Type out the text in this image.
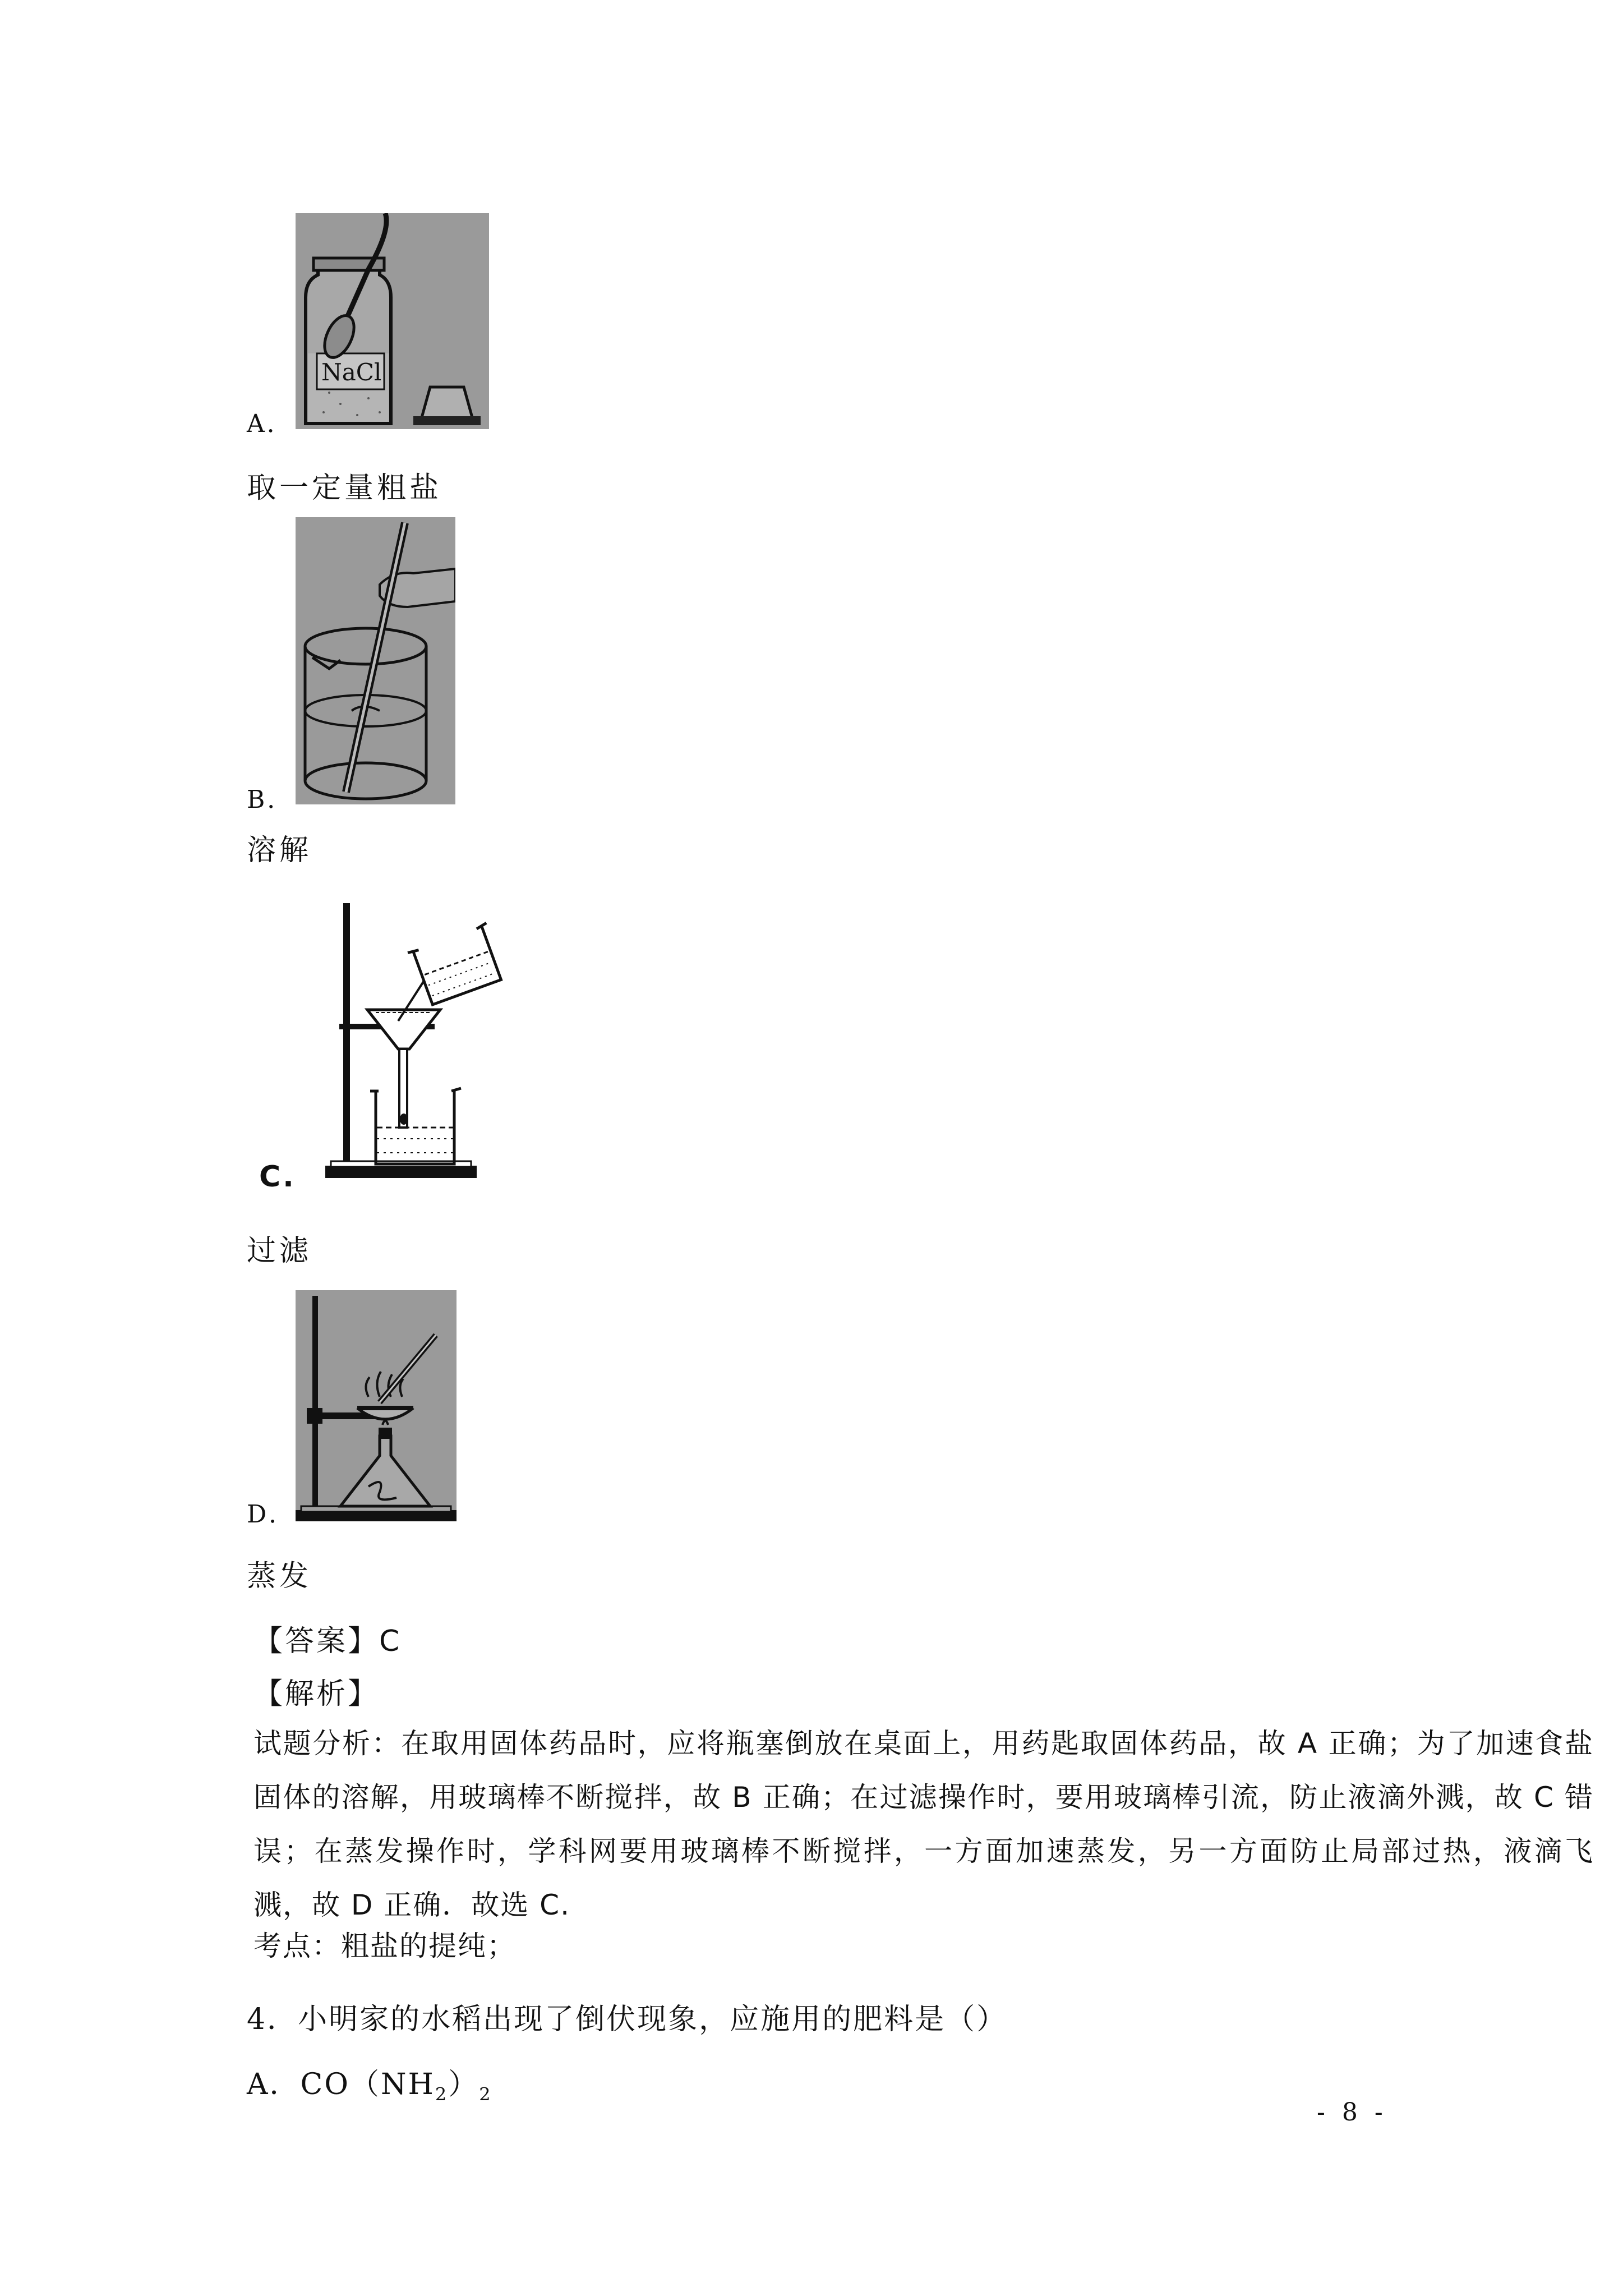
NaCl
A．
取一定量粗盐
B．
溶解
C.
过滤
D．
蒸发
【答案】C
【解析】
试题分析：在取用固体药品时，应将瓶塞倒放在桌面上，用药匙取固体药品，故 A 正确；为了加速食盐固体的溶解，用玻璃棒不断搅拌，故 B 正确；在过滤操作时，要用玻璃棒引流，防止液滴外溅，故 C 错误；在蒸发操作时，学科网要用玻璃棒不断搅拌，一方面加速蒸发，另一方面防止局部过热，液滴飞溅，故 D 正确．故选 C.
考点：粗盐的提纯；
4．小明家的水稻出现了倒伏现象，应施用的肥料是（）
A．$CO(NH_2)_2$
- 8 -
